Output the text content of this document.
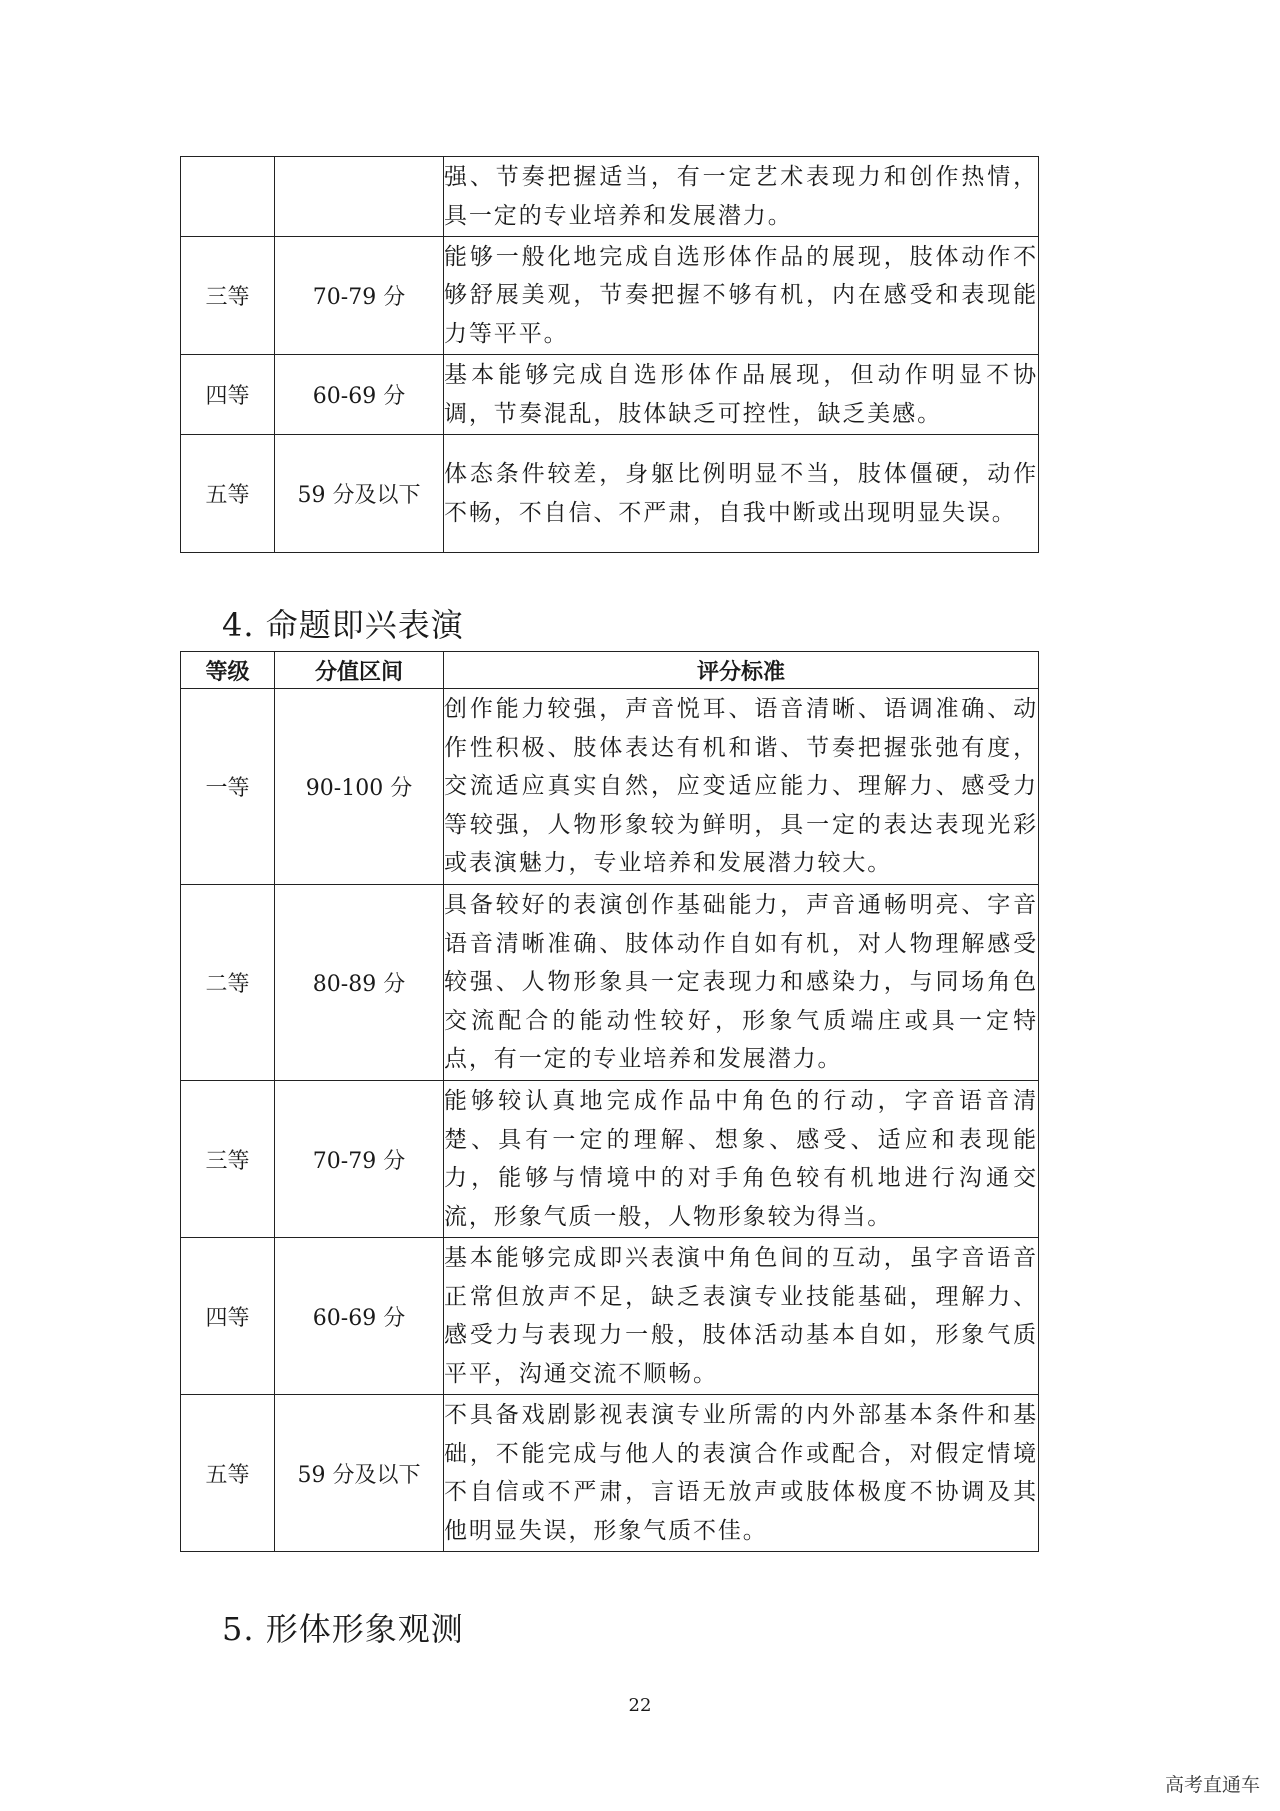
		强、节奏把握适当，有一定艺术表现力和创作热情，具一定的专业培养和发展潜力。
三等	70-79 分	能够一般化地完成自选形体作品的展现，肢体动作不够舒展美观，节奏把握不够有机，内在感受和表现能力等平平。
四等	60-69 分	基本能够完成自选形体作品展现，但动作明显不协调，节奏混乱，肢体缺乏可控性，缺乏美感。
五等	59 分及以下	体态条件较差，身躯比例明显不当，肢体僵硬，动作不畅，不自信、不严肃，自我中断或出现明显失误。
4. 命题即兴表演
等级	分值区间	评分标准
一等	90-100 分	创作能力较强，声音悦耳、语音清晰、语调准确、动作性积极、肢体表达有机和谐、节奏把握张弛有度，交流适应真实自然，应变适应能力、理解力、感受力等较强，人物形象较为鲜明，具一定的表达表现光彩或表演魅力，专业培养和发展潜力较大。
二等	80-89 分	具备较好的表演创作基础能力，声音通畅明亮、字音语音清晰准确、肢体动作自如有机，对人物理解感受较强、人物形象具一定表现力和感染力，与同场角色交流配合的能动性较好，形象气质端庄或具一定特点，有一定的专业培养和发展潜力。
三等	70-79 分	能够较认真地完成作品中角色的行动，字音语音清楚、具有一定的理解、想象、感受、适应和表现能力，能够与情境中的对手角色较有机地进行沟通交流，形象气质一般，人物形象较为得当。
四等	60-69 分	基本能够完成即兴表演中角色间的互动，虽字音语音正常但放声不足，缺乏表演专业技能基础，理解力、感受力与表现力一般，肢体活动基本自如，形象气质平平，沟通交流不顺畅。
五等	59 分及以下	不具备戏剧影视表演专业所需的内外部基本条件和基础，不能完成与他人的表演合作或配合，对假定情境不自信或不严肃，言语无放声或肢体极度不协调及其他明显失误，形象气质不佳。
5. 形体形象观测
22
高考直通车
